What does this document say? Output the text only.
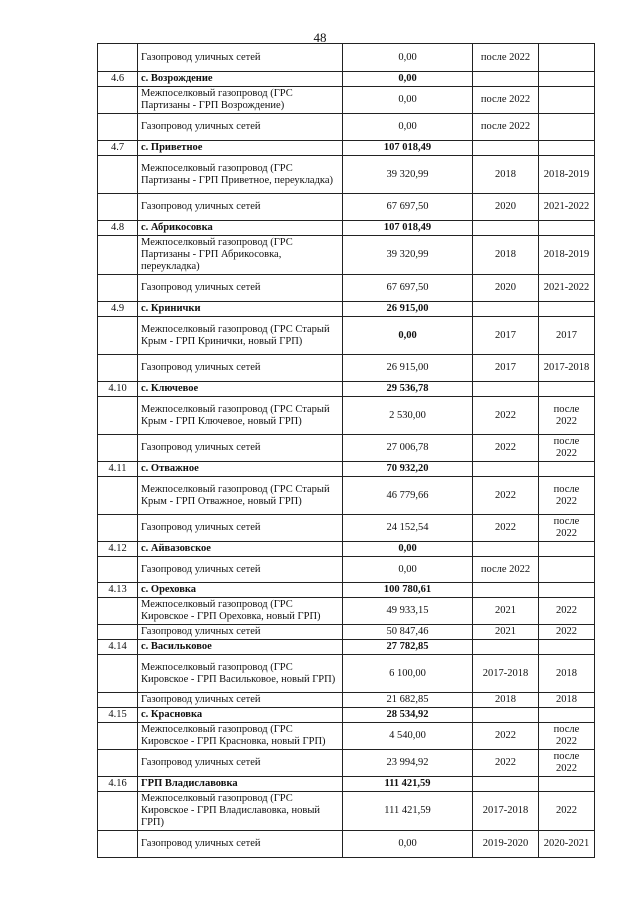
48
	Газопровод уличных сетей	0,00	после 2022	
4.6	с. Возрождение	0,00		
	Межпоселковый газопровод (ГРС Партизаны - ГРП Возрождение)	0,00	после 2022	
	Газопровод уличных сетей	0,00	после 2022	
4.7	с. Приветное	107 018,49		
	Межпоселковый газопровод (ГРС Партизаны - ГРП Приветное, переукладка)	39 320,99	2018	2018-2019
	Газопровод уличных сетей	67 697,50	2020	2021-2022
4.8	с. Абрикосовка	107 018,49		
	Межпоселковый газопровод (ГРС Партизаны - ГРП Абрикосовка, переукладка)	39 320,99	2018	2018-2019
	Газопровод уличных сетей	67 697,50	2020	2021-2022
4.9	с. Кринички	26 915,00		
	Межпоселковый газопровод (ГРС Старый Крым - ГРП Кринички, новый ГРП)	0,00	2017	2017
	Газопровод уличных сетей	26 915,00	2017	2017-2018
4.10	с. Ключевое	29 536,78		
	Межпоселковый газопровод (ГРС Старый Крым - ГРП Ключевое, новый ГРП)	2 530,00	2022	после 2022
	Газопровод уличных сетей	27 006,78	2022	после 2022
4.11	с. Отважное	70 932,20		
	Межпоселковый газопровод (ГРС Старый Крым - ГРП Отважное, новый ГРП)	46 779,66	2022	после 2022
	Газопровод уличных сетей	24 152,54	2022	после 2022
4.12	с. Айвазовское	0,00		
	Газопровод уличных сетей	0,00	после 2022	
4.13	с. Ореховка	100 780,61		
	Межпоселковый газопровод (ГРС Кировское - ГРП Ореховка, новый ГРП)	49 933,15	2021	2022
	Газопровод уличных сетей	50 847,46	2021	2022
4.14	с. Васильковое	27 782,85		
	Межпоселковый газопровод (ГРС Кировское - ГРП Васильковое, новый ГРП)	6 100,00	2017-2018	2018
	Газопровод уличных сетей	21 682,85	2018	2018
4.15	с. Красновка	28 534,92		
	Межпоселковый газопровод (ГРС Кировское - ГРП Красновка, новый ГРП)	4 540,00	2022	после 2022
	Газопровод уличных сетей	23 994,92	2022	после 2022
4.16	ГРП Владиславовка	111 421,59		
	Межпоселковый газопровод (ГРС Кировское - ГРП Владиславовка, новый ГРП)	111 421,59	2017-2018	2022
	Газопровод уличных сетей	0,00	2019-2020	2020-2021
